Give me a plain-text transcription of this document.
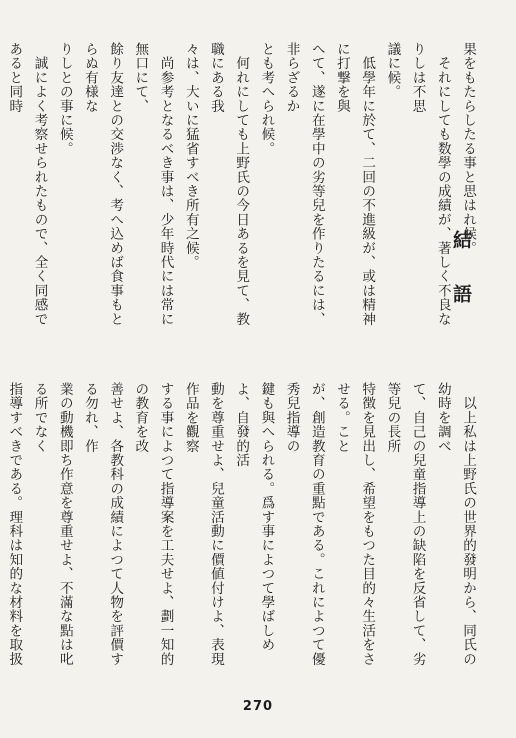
果をもたらしたる事と思はれ候。
　それにしても数學の成績が、著しく不良なりしは不思
議に候。
　低學年に於て、二回の不進級が、或は精神に打撃を與
へて、遂に在學中の劣等兒を作りたるには、非らざるか
とも考へられ候。
　何れにしても上野氏の今日あるを見て、教職にある我
々は、大いに猛省すべき所有之候。
　尚参考となるべき事は、少年時代には常に無口にて、
餘り友達との交渉なく、考へ込めば食事もとらぬ有様な
りしとの事に候。
　誠によく考察せられたもので、全く同感であると同時
結　語
　以上私は上野氏の世界的發明から、同氏の幼時を調べ
て、自己の兒童指導上の缺陷を反省して、劣等兒の長所
特徴を見出し、希望をもつた目的々生活をさせる。こと
が、創造教育の重點である。これによつて優秀兒指導の
鍵も與へられる。爲す事によつて學ばしめよ、自發的活
動を尊重せよ、兒童活動に價値付けよ、表現作品を觀察
する事によつて指導案を工夫せよ、劃一知的の教育を改
善せよ、各教科の成績によつて人物を評價する勿れ、作
業の動機即ち作意を尊重せよ、不滿な點は叱る所でなく
指導すべきである。理科は知的な材料を取扱
270
